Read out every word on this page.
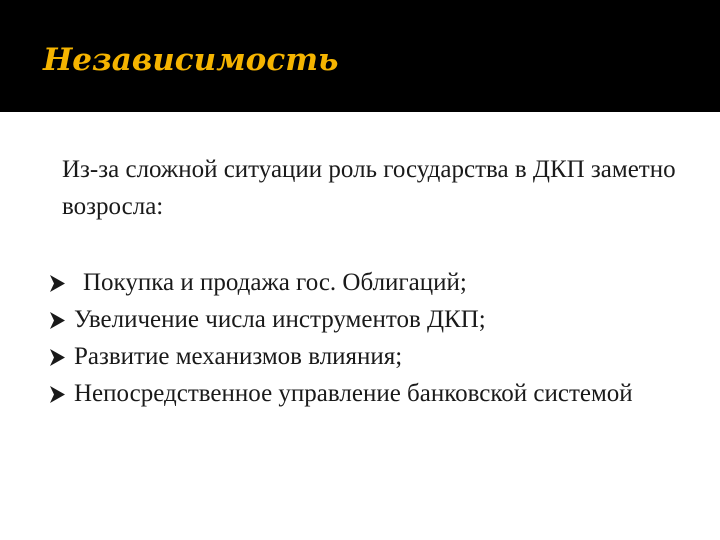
Независимость

Из-за сложной ситуации роль государства в ДКП заметно возросла:

Покупка и продажа гос. Облигаций;
Увеличение числа инструментов ДКП;
Развитие механизмов влияния;
Непосредственное управление банковской системой
